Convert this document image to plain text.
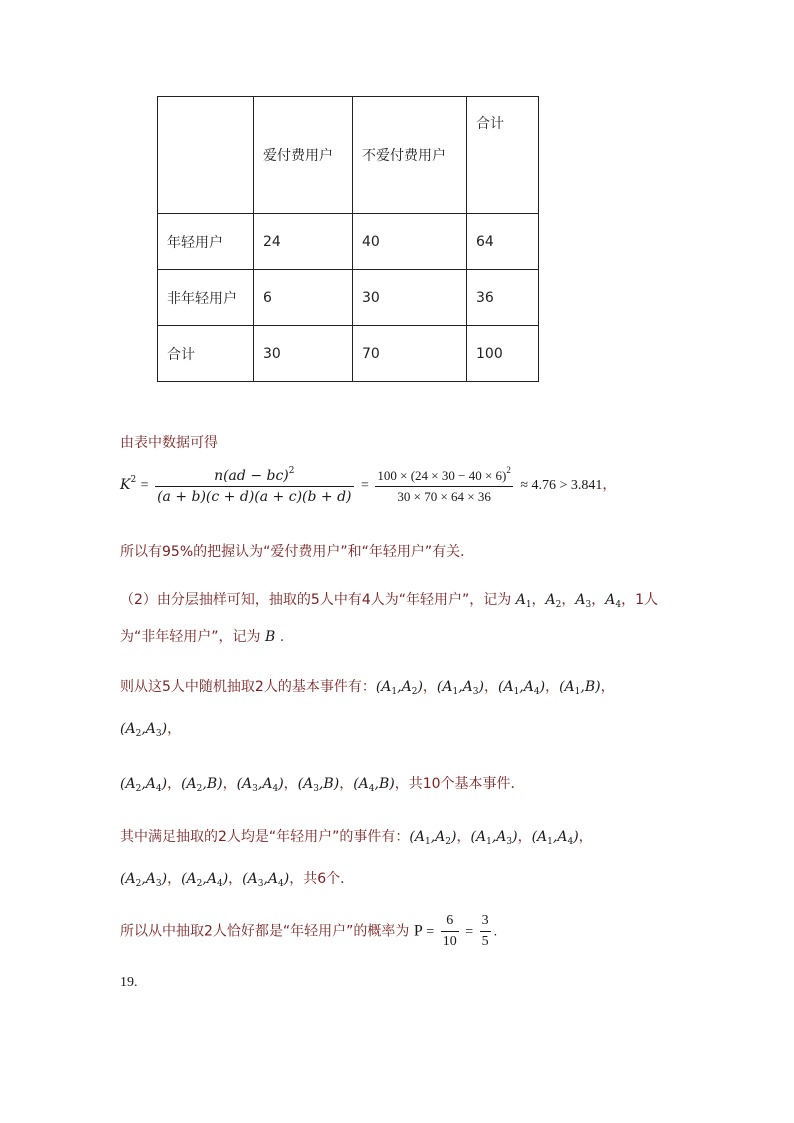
	爱付费用户	不爱付费用户	合计
年轻用户	24	40	64
非年轻用户	6	30	36
合计	30	70	100
由表中数据可得
$K^2 = \frac{n(ad - bc)^2}{(a + b)(c + d)(a + c)(b + d)} = \frac{100 \times (24 \times 30 - 40 \times 6)^2}{30 \times 70 \times 64 \times 36} \approx 4.76 > 3.841$，
所以有95%的把握认为“爱付费用户”和“年轻用户”有关．
（2）由分层抽样可知，抽取的5人中有4人为“年轻用户”，记为 $A_1$，$A_2$，$A_3$，$A_4$，1人
为“非年轻用户”，记为 B .
则从这5人中随机抽取2人的基本事件有：$(A_1,A_2)$，$(A_1,A_3)$，$(A_1,A_4)$，$(A_1,B)$，
$(A_2,A_3)$，
$(A_2,A_4)$，$(A_2,B)$，$(A_3,A_4)$，$(A_3,B)$，$(A_4,B)$，共10个基本事件．
其中满足抽取的2人均是“年轻用户”的事件有：$(A_1,A_2)$，$(A_1,A_3)$，$(A_1,A_4)$，
$(A_2,A_3)$，$(A_2,A_4)$，$(A_3,A_4)$，共6个．
所以从中抽取2人恰好都是“年轻用户”的概率为 $P = \frac{6}{10} = \frac{3}{5}$ .
19.
